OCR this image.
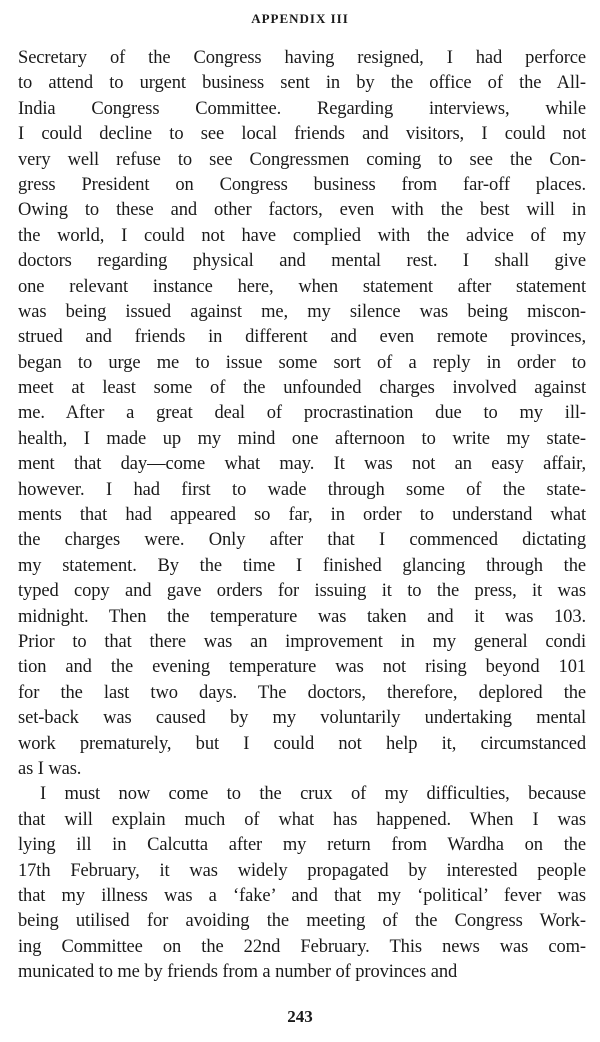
APPENDIX III
Secretary of the Congress having resigned, I had perforce
to attend to urgent business sent in by the office of the All-
India Congress Committee. Regarding interviews, while
I could decline to see local friends and visitors, I could not
very well refuse to see Congressmen coming to see the Con-
gress President on Congress business from far-off places.
Owing to these and other factors, even with the best will in
the world, I could not have complied with the advice of my
doctors regarding physical and mental rest. I shall give
one relevant instance here, when statement after statement
was being issued against me, my silence was being miscon-
strued and friends in different and even remote provinces,
began to urge me to issue some sort of a reply in order to
meet at least some of the unfounded charges involved against
me. After a great deal of procrastination due to my ill-
health, I made up my mind one afternoon to write my state-
ment that day—come what may. It was not an easy affair,
however. I had first to wade through some of the state-
ments that had appeared so far, in order to understand what
the charges were. Only after that I commenced dictating
my statement. By the time I finished glancing through the
typed copy and gave orders for issuing it to the press, it was
midnight. Then the temperature was taken and it was 103.
Prior to that there was an improvement in my general condi
tion and the evening temperature was not rising beyond 101
for the last two days. The doctors, therefore, deplored the
set-back was caused by my voluntarily undertaking mental
work prematurely, but I could not help it, circumstanced
as I was.
I must now come to the crux of my difficulties, because
that will explain much of what has happened. When I was
lying ill in Calcutta after my return from Wardha on the
17th February, it was widely propagated by interested people
that my illness was a ‘fake’ and that my ‘political’ fever was
being utilised for avoiding the meeting of the Congress Work-
ing Committee on the 22nd February. This news was com-
municated to me by friends from a number of provinces and
243
